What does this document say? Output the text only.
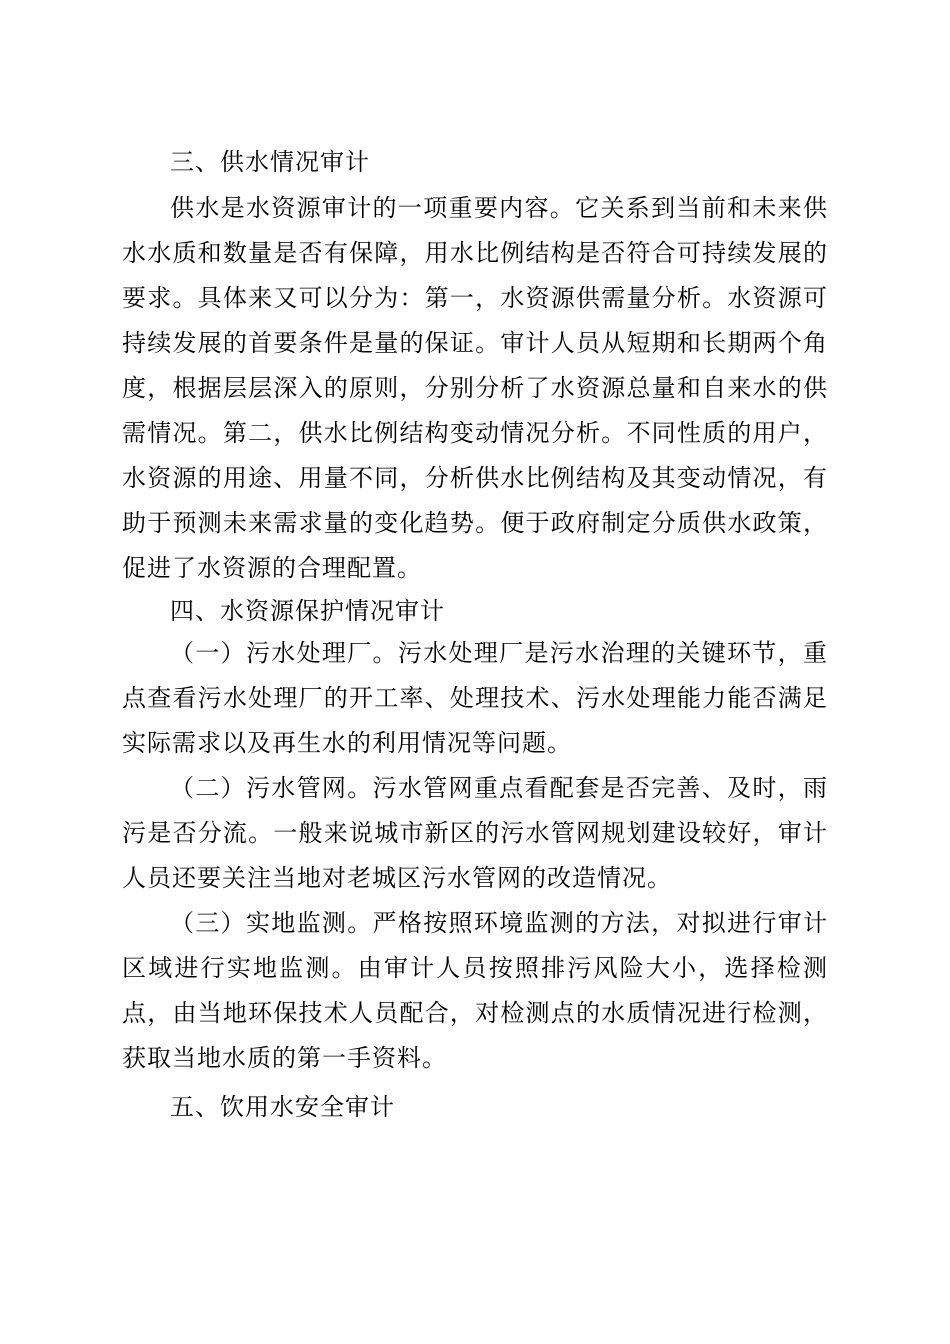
三、供水情况审计

供水是水资源审计的一项重要内容。它关系到当前和未来供水水质和数量是否有保障，用水比例结构是否符合可持续发展的要求。具体来又可以分为：第一，水资源供需量分析。水资源可持续发展的首要条件是量的保证。审计人员从短期和长期两个角度，根据层层深入的原则，分别分析了水资源总量和自来水的供需情况。第二，供水比例结构变动情况分析。不同性质的用户，水资源的用途、用量不同，分析供水比例结构及其变动情况，有助于预测未来需求量的变化趋势。便于政府制定分质供水政策，促进了水资源的合理配置。

四、水资源保护情况审计

（一）污水处理厂。污水处理厂是污水治理的关键环节，重点查看污水处理厂的开工率、处理技术、污水处理能力能否满足实际需求以及再生水的利用情况等问题。

（二）污水管网。污水管网重点看配套是否完善、及时，雨污是否分流。一般来说城市新区的污水管网规划建设较好，审计人员还要关注当地对老城区污水管网的改造情况。

（三）实地监测。严格按照环境监测的方法，对拟进行审计区域进行实地监测。由审计人员按照排污风险大小，选择检测点，由当地环保技术人员配合，对检测点的水质情况进行检测，获取当地水质的第一手资料。

五、饮用水安全审计
